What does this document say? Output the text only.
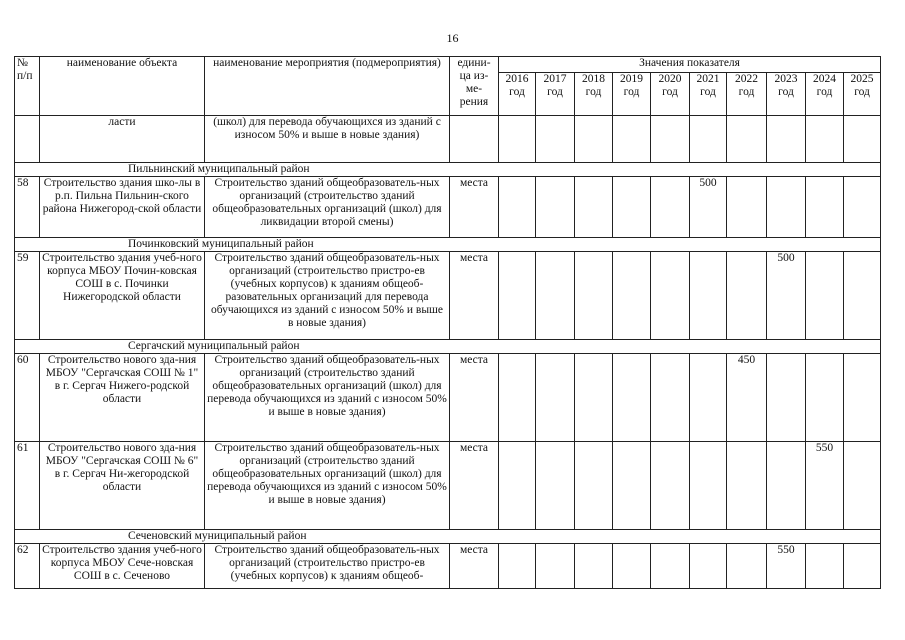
16
№ п/п	наименование объекта	наименование мероприятия (подмероприятия)	едини-ца из-ме-рения	Значения показателя									
				2016 год	2017 год	2018 год	2019 год	2020 год	2021 год	2022 год	2023 год	2024 год	2025 год
	ласти	(школ) для перевода обучающихся из зданий с износом 50% и выше в новые здания)											
Пильнинский муниципальный район													
58	Строительство здания шко-лы в р.п. Пильна Пильнин-ского района Нижегород-ской области	Строительство зданий общеобразователь-ных организаций (строительство зданий общеобразовательных организаций (школ) для ликвидации второй смены)	места						500				
Починковский муниципальный район													
59	Строительство здания учеб-ного корпуса МБОУ Почин-ковская СОШ в с. Починки Нижегородской области	Строительство зданий общеобразователь-ных организаций (строительство пристро-ев (учебных корпусов) к зданиям общеоб-разовательных организаций для перевода обучающихся из зданий с износом 50% и выше в новые здания)	места								500		
Сергачский муниципальный район													
60	Строительство нового зда-ния МБОУ "Сергачская СОШ № 1" в г. Сергач Нижего-родской области	Строительство зданий общеобразователь-ных организаций (строительство зданий общеобразовательных организаций (школ) для перевода обучающихся из зданий с износом 50% и выше в новые здания)	места							450			
61	Строительство нового зда-ния МБОУ "Сергачская СОШ № 6" в г. Сергач Ни-жегородской области	Строительство зданий общеобразователь-ных организаций (строительство зданий общеобразовательных организаций (школ) для перевода обучающихся из зданий с износом 50% и выше в новые здания)	места									550	
Сеченовский муниципальный район													
62	Строительство здания учеб-ного корпуса МБОУ Сече-новская СОШ в с. Сеченово	Строительство зданий общеобразователь-ных организаций (строительство пристро-ев (учебных корпусов) к зданиям общеоб-	места								550		
